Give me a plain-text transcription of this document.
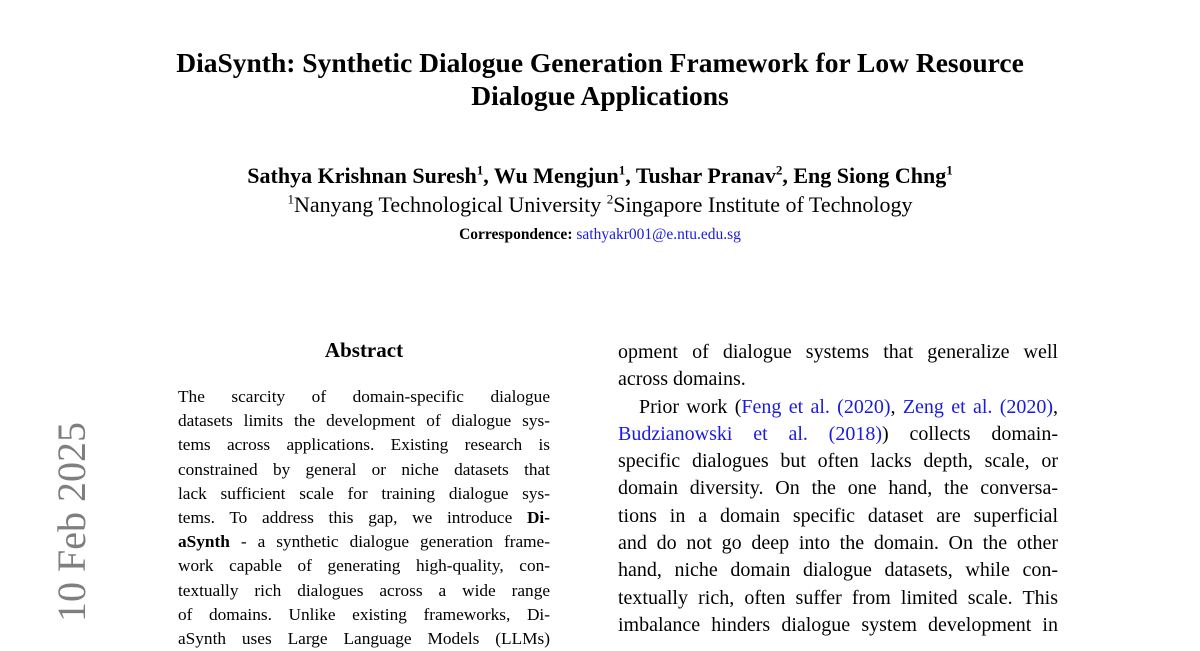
DiaSynth: Synthetic Dialogue Generation Framework for Low Resource
Dialogue Applications
Sathya Krishnan Suresh$^1$, Wu Mengjun$^1$, Tushar Pranav$^2$, Eng Siong Chng$^1$
$^1$Nanyang Technological University $^2$Singapore Institute of Technology
Correspondence: sathyakr001@e.ntu.edu.sg
10 Feb 2025
Abstract
The scarcity of domain-specific dialogue
datasets limits the development of dialogue sys-
tems across applications. Existing research is
constrained by general or niche datasets that
lack sufficient scale for training dialogue sys-
tems. To address this gap, we introduce Di-
aSynth - a synthetic dialogue generation frame-
work capable of generating high-quality, con-
textually rich dialogues across a wide range
of domains. Unlike existing frameworks, Di-
aSynth uses Large Language Models (LLMs)
opment of dialogue systems that generalize well
across domains.
Prior work (Feng et al. (2020), Zeng et al. (2020),
Budzianowski et al. (2018)) collects domain-
specific dialogues but often lacks depth, scale, or
domain diversity. On the one hand, the conversa-
tions in a domain specific dataset are superficial
and do not go deep into the domain. On the other
hand, niche domain dialogue datasets, while con-
textually rich, often suffer from limited scale. This
imbalance hinders dialogue system development in
